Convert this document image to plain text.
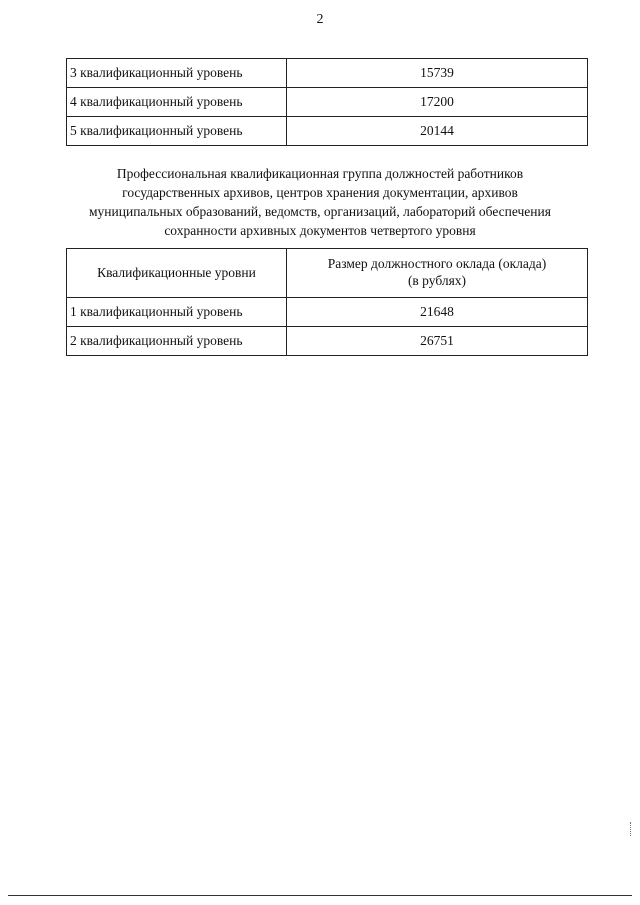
2
3 квалификационный уровень	15739
4 квалификационный уровень	17200
5 квалификационный уровень	20144
Профессиональная квалификационная группа должностей работников
государственных архивов, центров хранения документации, архивов
муниципальных образований, ведомств, организаций, лабораторий обеспечения
сохранности архивных документов четвертого уровня
Квалификационные уровни	Размер должностного оклада (оклада)
(в рублях)
1 квалификационный уровень	21648
2 квалификационный уровень	26751
